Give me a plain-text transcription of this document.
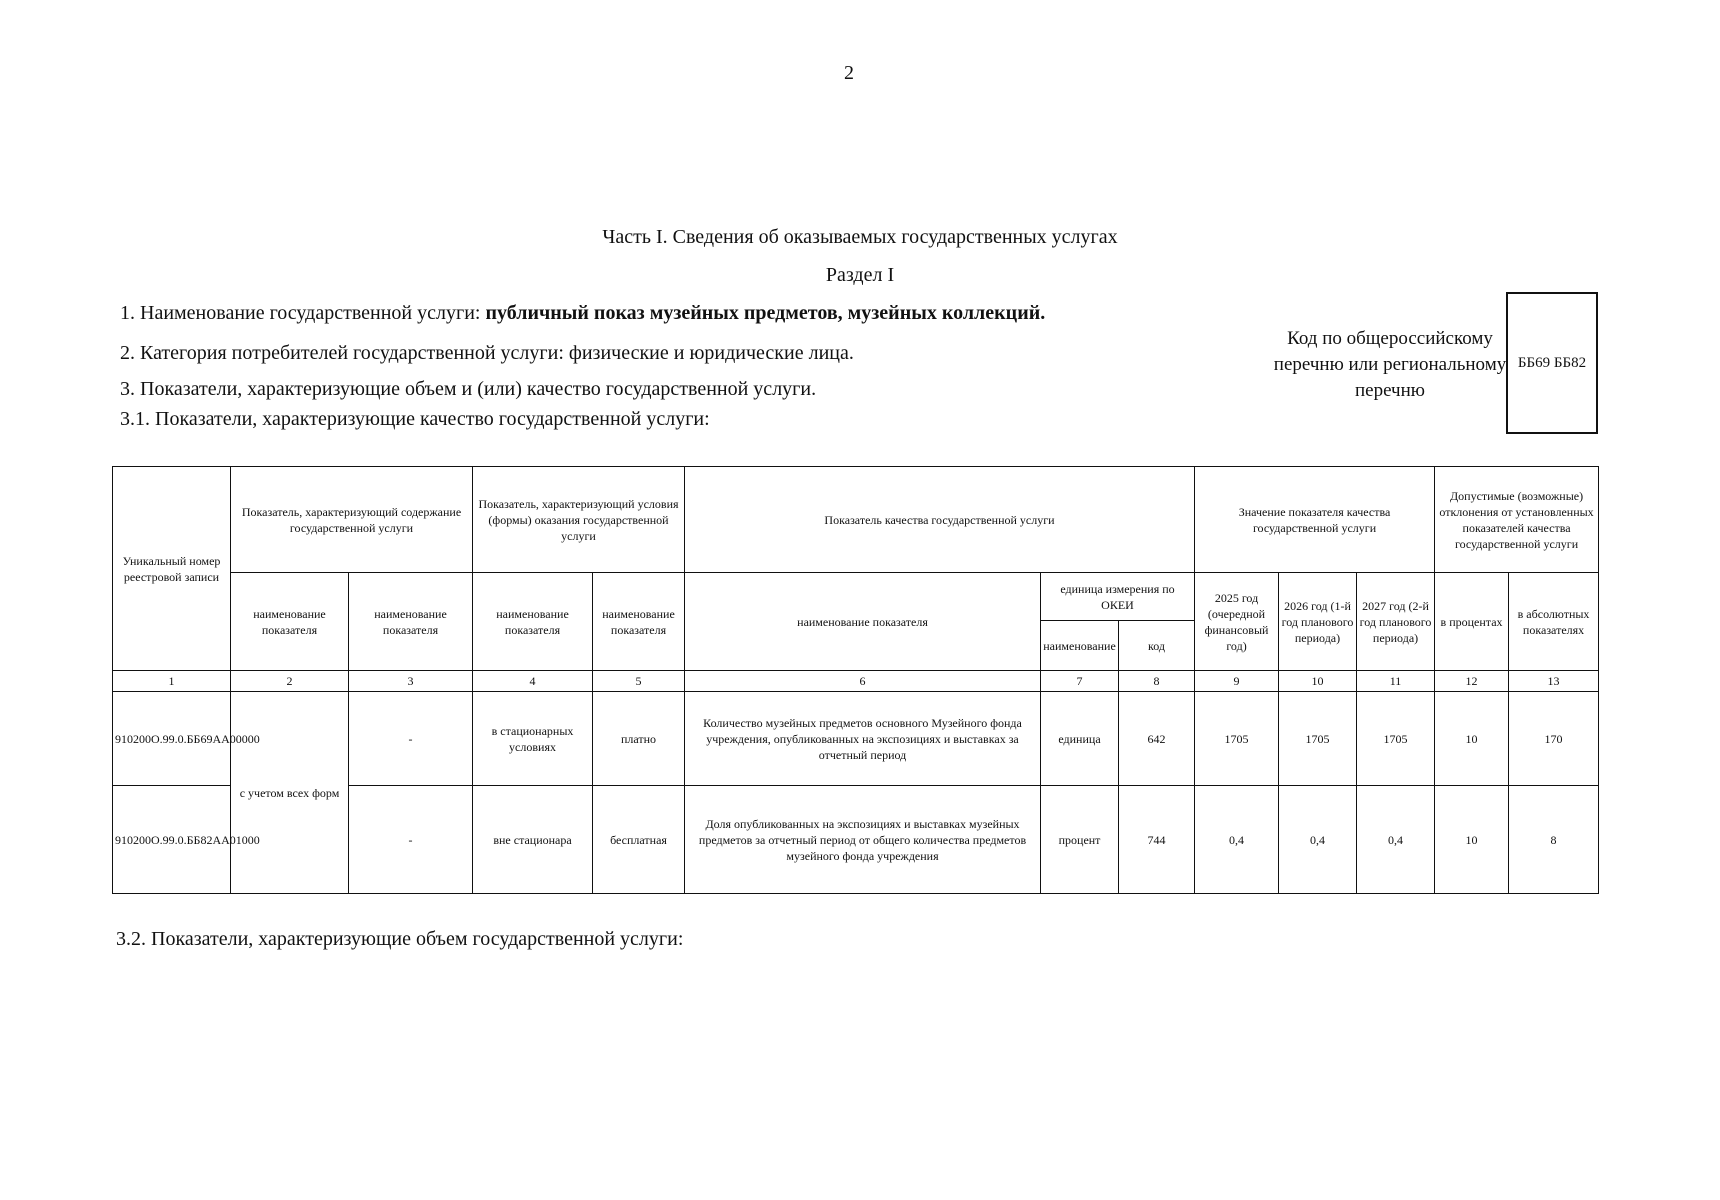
2
Часть I. Сведения об оказываемых государственных услугах
Раздел I
1. Наименование государственной услуги: публичный показ музейных предметов, музейных коллекций.
2. Категория потребителей государственной услуги: физические и юридические лица.
3. Показатели, характеризующие объем и (или) качество государственной услуги.
3.1. Показатели, характеризующие качество государственной услуги:
Код по общероссийскому перечню или региональному перечню
ББ69 ББ82
Уникальный номер реестровой записи	Показатель, характеризующий содержание государственной услуги		Показатель, характеризующий условия (формы) оказания государственной услуги		Показатель качества государственной услуги			Значение показателя качества государственной услуги			Допустимые (возможные) отклонения от установленных показателей качества государственной услуги	
	наименование показателя	наименование показателя	наименование показателя	наименование показателя	наименование показателя	единица измерения по ОКЕИ		2025 год (очередной финансовый год)	2026 год (1-й год планового периода)	2027 год (2-й год планового периода)	в процентах	в абсолютных показателях
						наименование	код					
1	2	3	4	5	6	7	8	9	10	11	12	13
910200О.99.0.ББ69АА00000	с учетом всех форм	-	в стационарных условиях	платно	Количество музейных предметов основного Музейного фонда учреждения, опубликованных на экспозициях и выставках за отчетный период	единица	642	1705	1705	1705	10	170
910200О.99.0.ББ82АА01000		-	вне стационара	бесплатная	Доля опубликованных на экспозициях и выставках музейных предметов за отчетный период от общего количества предметов музейного фонда учреждения	процент	744	0,4	0,4	0,4	10	8
3.2. Показатели, характеризующие объем государственной услуги:
